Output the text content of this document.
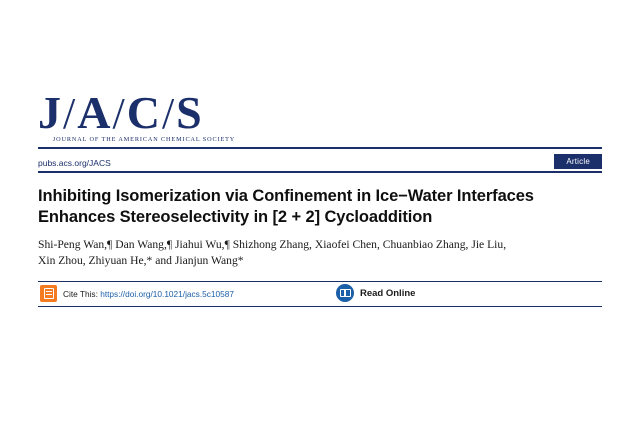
J/A/C/S
JOURNAL OF THE AMERICAN CHEMICAL SOCIETY
pubs.acs.org/JACS	Article
Inhibiting Isomerization via Confinement in Ice−Water Interfaces
Enhances Stereoselectivity in [2 + 2] Cycloaddition
Shi-Peng Wan,¶ Dan Wang,¶ Jiahui Wu,¶ Shizhong Zhang, Xiaofei Chen, Chuanbiao Zhang, Jie Liu,
Xin Zhou, Zhiyuan He,* and Jianjun Wang*
Cite This: https://doi.org/10.1021/jacs.5c10587	Read Online
